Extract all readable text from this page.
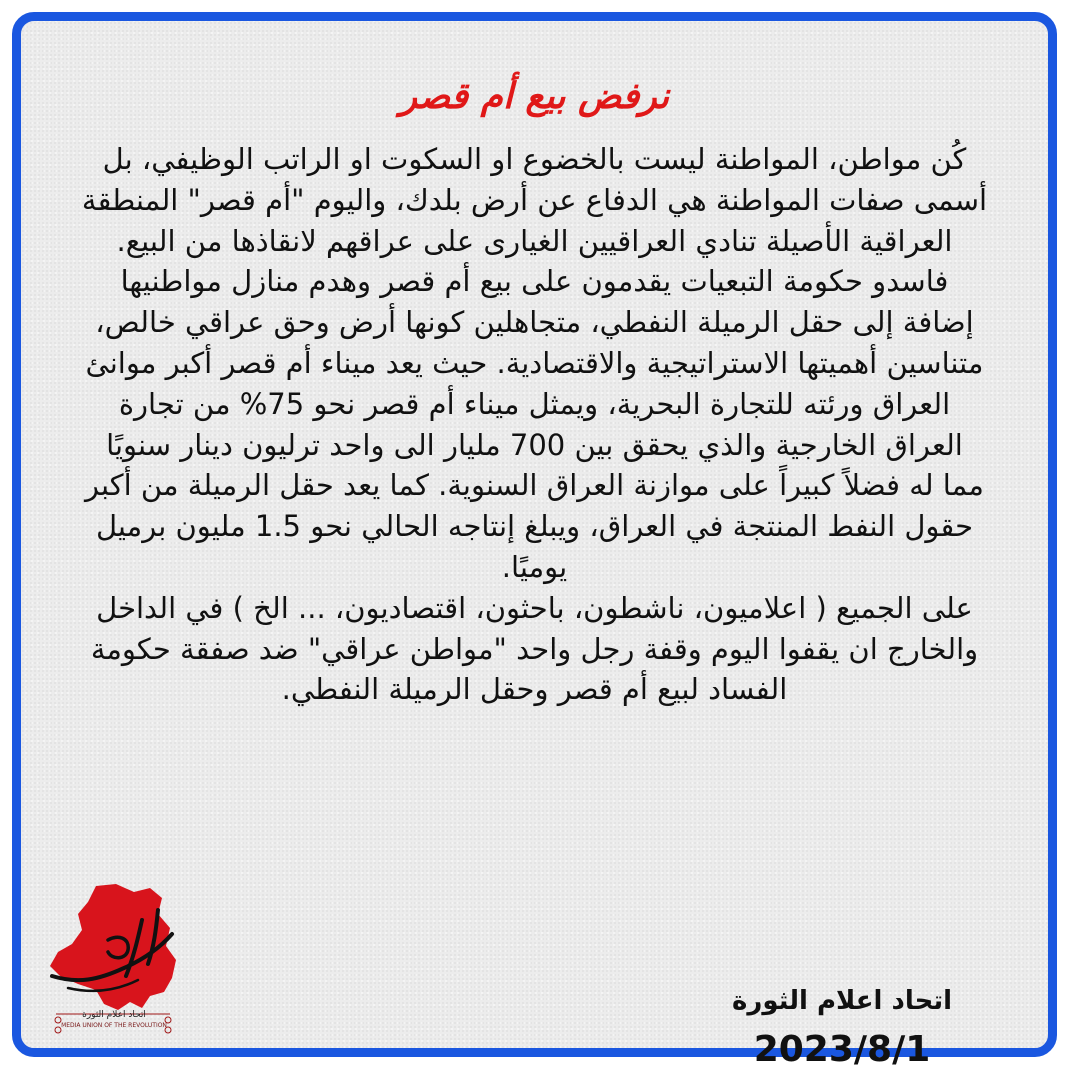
نرفض بيع أم قصر

كُن مواطن، المواطنة ليست بالخضوع او السكوت او الراتب الوظيفي، بل أسمى صفات المواطنة هي الدفاع عن أرض بلدك، واليوم "أم قصر" المنطقة العراقية الأصيلة تنادي العراقيين الغيارى على عراقهم لانقاذها من البيع.

فاسدو حكومة التبعيات يقدمون على بيع أم قصر وهدم منازل مواطنيها إضافة إلى حقل الرميلة النفطي، متجاهلين كونها أرض وحق عراقي خالص، متناسين أهميتها الاستراتيجية والاقتصادية. حيث يعد ميناء أم قصر أكبر موانئ العراق ورئته للتجارة البحرية، ويمثل ميناء أم قصر نحو 75% من تجارة العراق الخارجية والذي يحقق بين 700 مليار الى واحد ترليون دينار سنويًا مما له فضلاً كبيراً على موازنة العراق السنوية. كما يعد حقل الرميلة من أكبر حقول النفط المنتجة في العراق، ويبلغ إنتاجه الحالي نحو 1.5 مليون برميل يوميًا.

على الجميع ( اعلاميون، ناشطون، باحثون، اقتصاديون، ... الخ ) في الداخل والخارج ان يقفوا اليوم وقفة رجل واحد "مواطن عراقي" ضد صفقة حكومة الفساد لبيع أم قصر وحقل الرميلة النفطي.

اتحاد اعلام الثورة
2023/8/1
اتحاد اعلام الثورة
MEDIA UNION OF THE REVOLUTION
